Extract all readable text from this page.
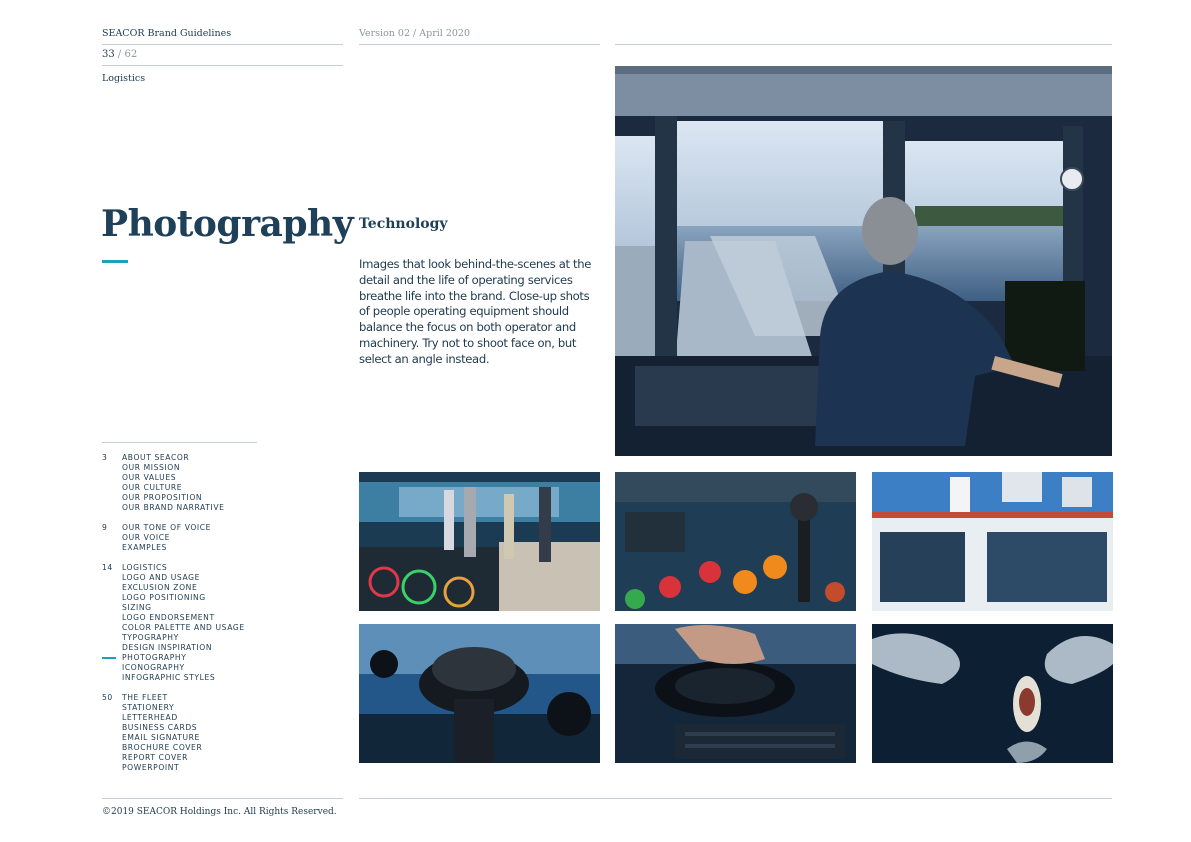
SEACOR Brand Guidelines	Version 02 / April 2020
33 / 62
Logistics
Photography Technology
Images that look behind-the-scenes at the
detail and the life of operating services
breathe life into the brand. Close-up shots
of people operating equipment should
balance the focus on both operator and
machinery. Try not to shoot face on, but
select an angle instead.
3	ABOUT SEACOR
OUR MISSION
OUR VALUES
OUR CULTURE
OUR PROPOSITION
OUR BRAND NARRATIVE
9	OUR TONE OF VOICE
OUR VOICE
EXAMPLES
14	LOGISTICS
LOGO AND USAGE
EXCLUSION ZONE
LOGO POSITIONING
SIZING
LOGO ENDORSEMENT
COLOR PALETTE AND USAGE
TYPOGRAPHY
DESIGN INSPIRATION
PHOTOGRAPHY
ICONOGRAPHY
INFOGRAPHIC STYLES
50	THE FLEET
STATIONERY
LETTERHEAD
BUSINESS CARDS
EMAIL SIGNATURE
BROCHURE COVER
REPORT COVER
POWERPOINT
©2019 SEACOR Holdings Inc. All Rights Reserved.
